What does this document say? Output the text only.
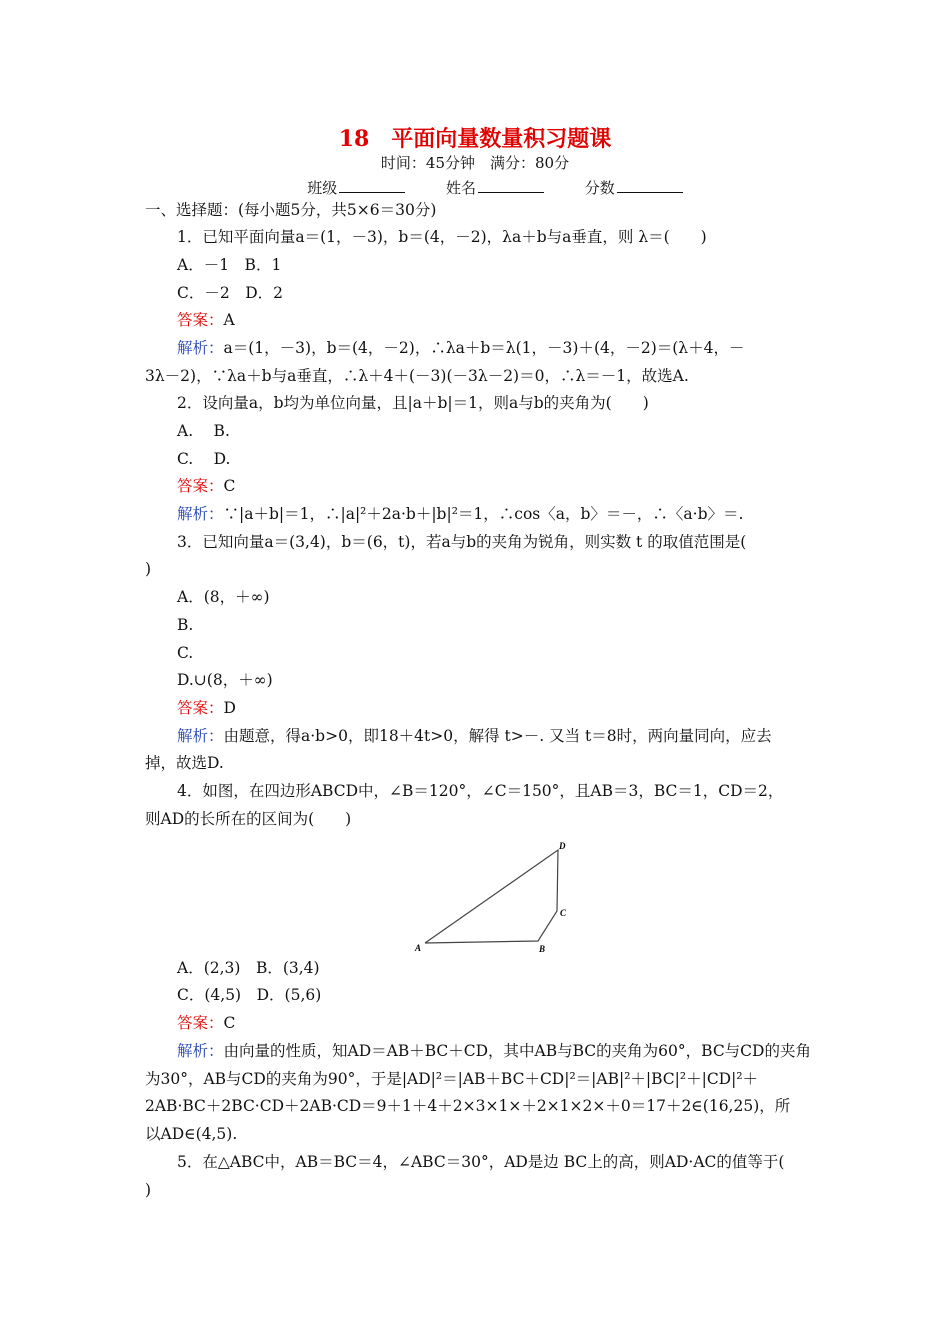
18　平面向量数量积习题课
时间：45分钟　满分：80分
班级	姓名	分数
一、选择题：(每小题5分，共5×6＝30分)
1．已知平面向量a＝(1，－3)，b＝(4，－2)，λa＋b与a垂直，则 λ＝(　　)
A．－1　B．1
C．－2　D．2
答案：A
解析：a＝(1，－3)，b＝(4，－2)，∴λa＋b＝λ(1，－3)＋(4，－2)＝(λ＋4，－
3λ－2)，∵λa＋b与a垂直，∴λ＋4＋(－3)(－3λ－2)＝0，∴λ＝－1，故选A.
2．设向量a，b均为单位向量，且|a＋b|＝1，则a与b的夹角为(　　)
A.　 B.
C.　 D.
答案：C
解析：∵|a＋b|＝1，∴|a|²＋2a·b＋|b|²＝1，∴cos〈a，b〉＝－，∴〈a·b〉＝.
3．已知向量a＝(3,4)，b＝(6，t)，若a与b的夹角为锐角，则实数 t 的取值范围是(
)
A．(8，＋∞)
B.
C.
D.∪(8，＋∞)
答案：D
解析：由题意，得a·b>0，即18＋4t>0，解得 t>－. 又当 t＝8时，两向量同向，应去
掉，故选D.
4．如图，在四边形ABCD中，∠B＝120°，∠C＝150°，且AB＝3，BC＝1，CD＝2，
则AD的长所在的区间为(　　)
A	B
C
D
A．(2,3)　B．(3,4)
C．(4,5)　D．(5,6)
答案：C
解析：由向量的性质，知AD＝AB＋BC＋CD，其中AB与BC的夹角为60°，BC与CD的夹角
为30°，AB与CD的夹角为90°，于是|AD|²＝|AB＋BC＋CD|²＝|AB|²＋|BC|²＋|CD|²＋
2AB·BC＋2BC·CD＋2AB·CD＝9＋1＋4＋2×3×1×＋2×1×2×＋0＝17＋2∈(16,25)，所
以AD∈(4,5).
5．在△ABC中，AB＝BC＝4，∠ABC＝30°，AD是边 BC上的高，则AD·AC的值等于(
)
